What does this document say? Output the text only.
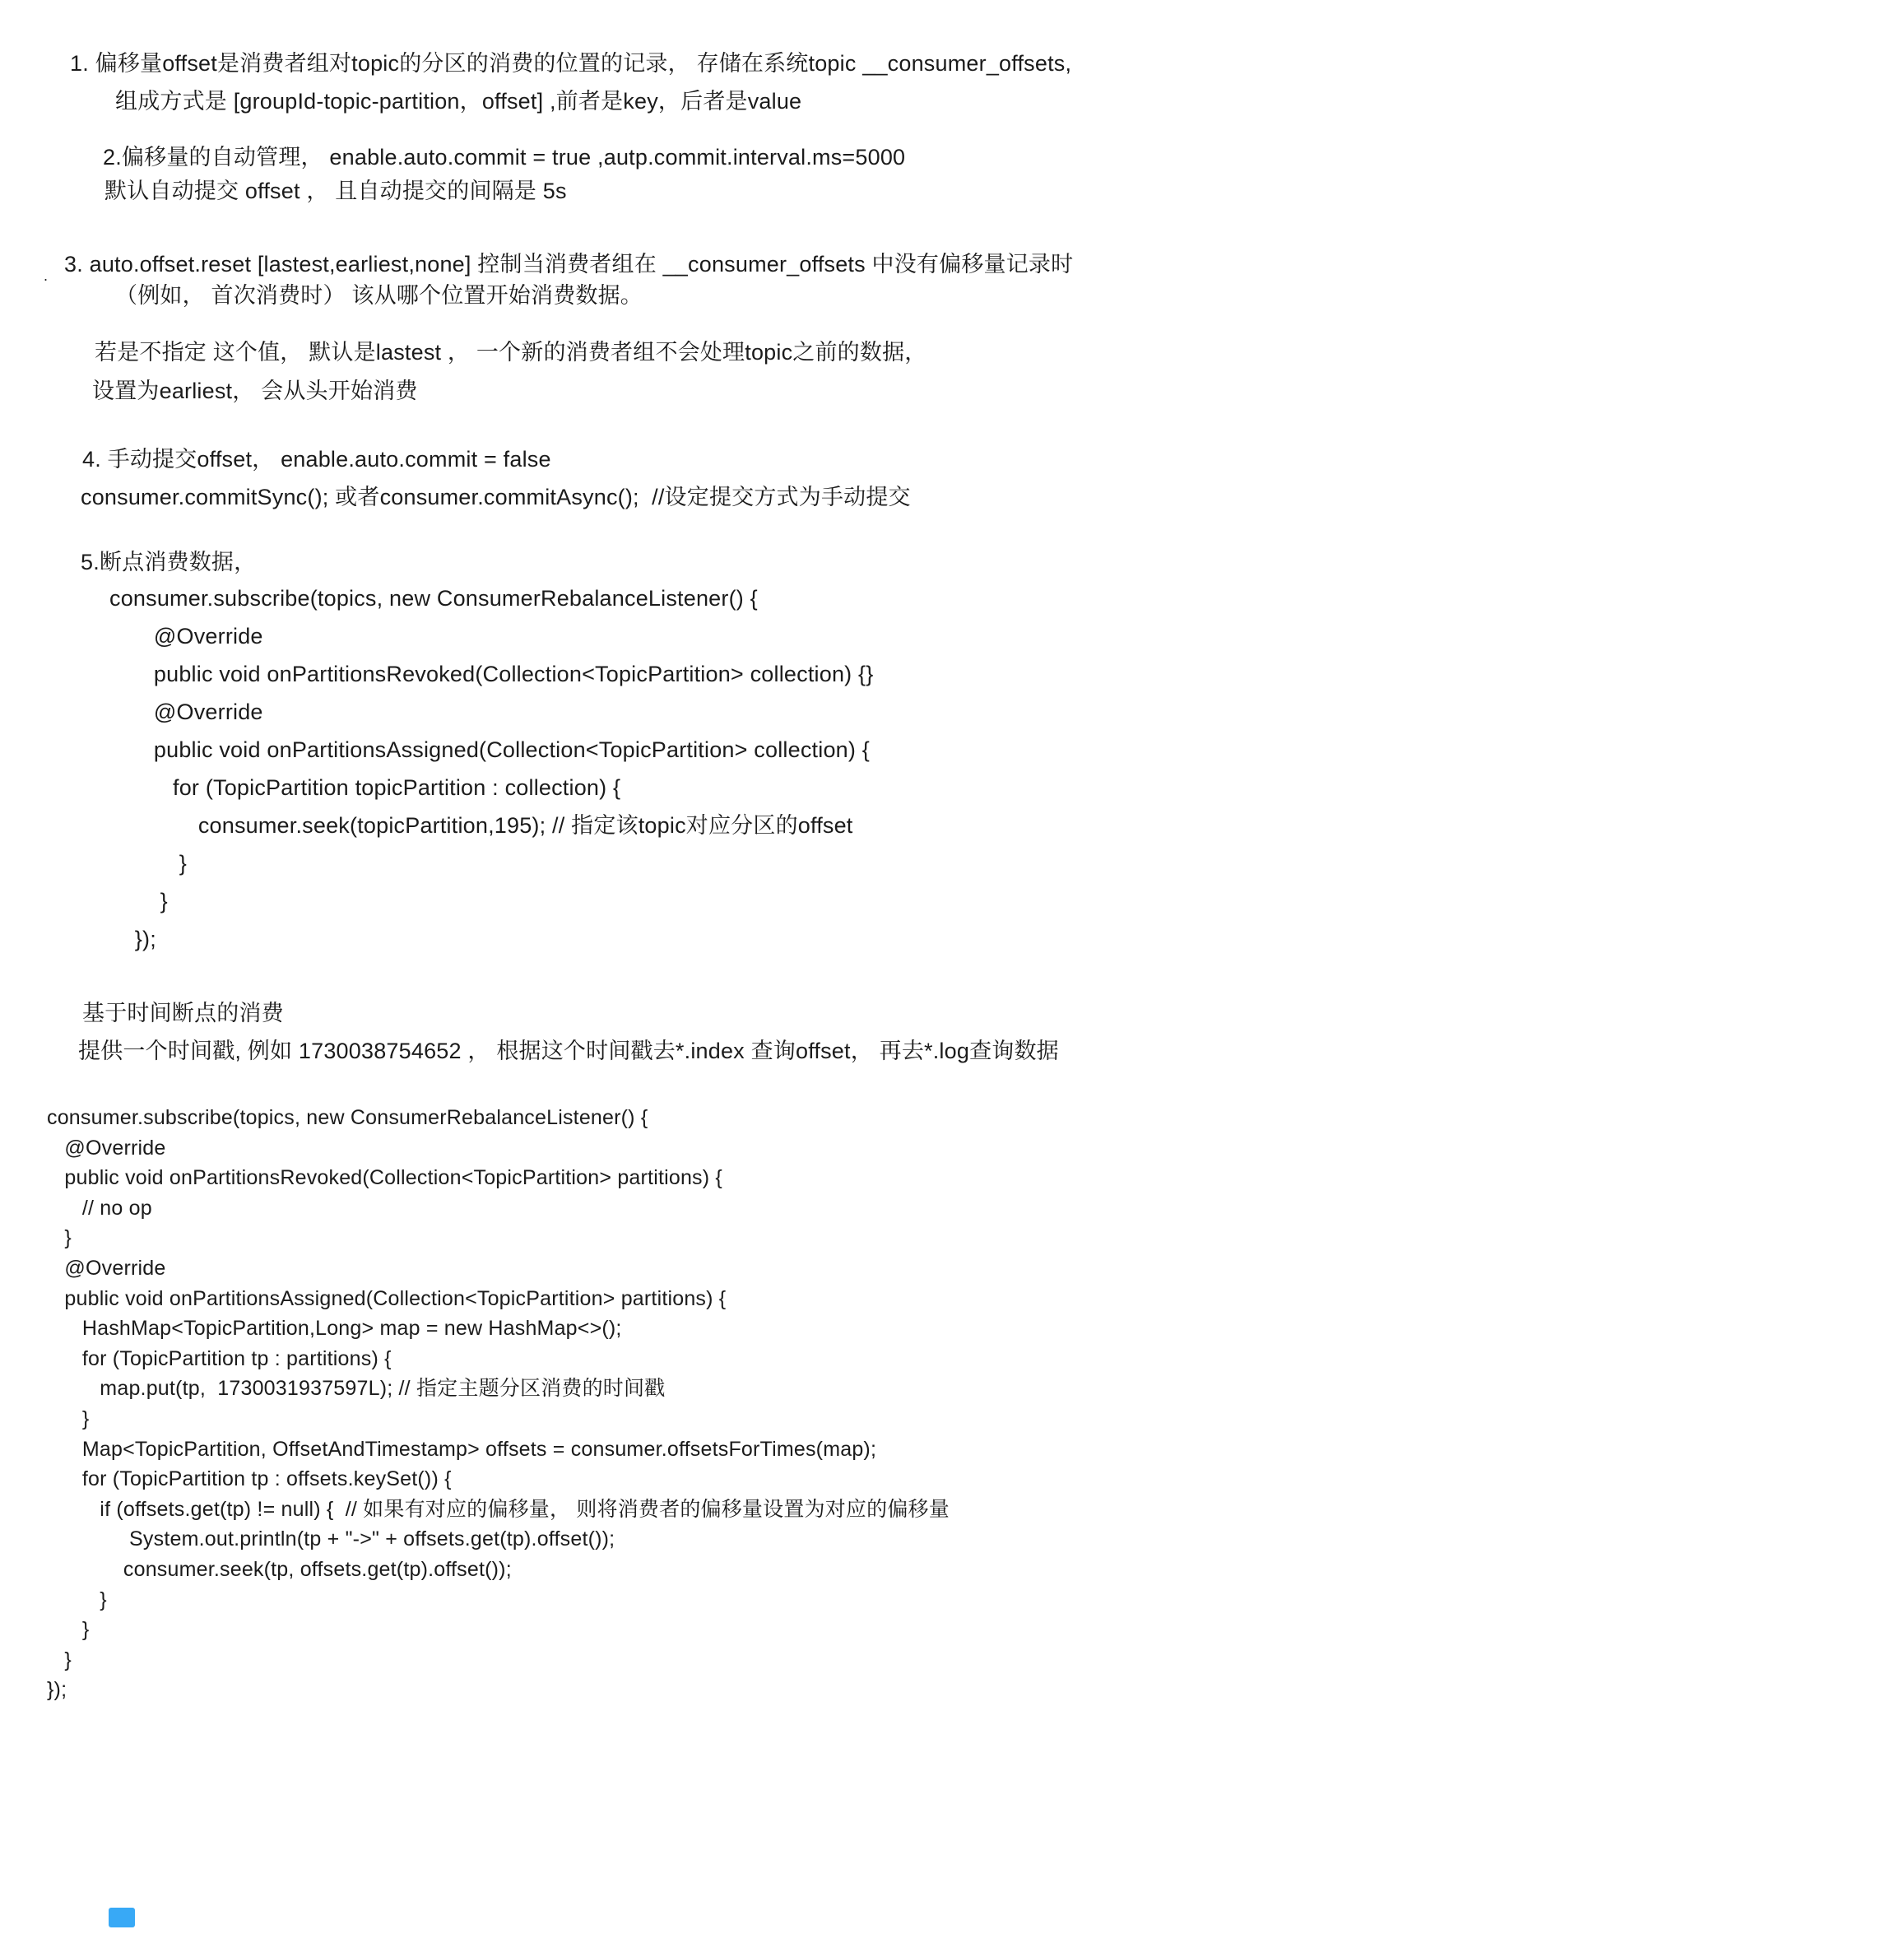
1. 偏移量offset是消费者组对topic的分区的消费的位置的记录， 存储在系统topic __consumer_offsets,
组成方式是 [groupId-topic-partition，offset] ,前者是key，后者是value
2.偏移量的自动管理， enable.auto.commit = true ,autp.commit.interval.ms=5000
默认自动提交 offset ， 且自动提交的间隔是 5s
. 3. auto.offset.reset [lastest,earliest,none] 控制当消费者组在 __consumer_offsets 中没有偏移量记录时
（例如， 首次消费时） 该从哪个位置开始消费数据。
若是不指定 这个值， 默认是lastest ， 一个新的消费者组不会处理topic之前的数据，
设置为earliest， 会从头开始消费
4. 手动提交offset， enable.auto.commit = false
consumer.commitSync(); 或者consumer.commitAsync();  //设定提交方式为手动提交
5.断点消费数据，
consumer.subscribe(topics, new ConsumerRebalanceListener() {
@Override
public void onPartitionsRevoked(Collection<TopicPartition> collection) {}
@Override
public void onPartitionsAssigned(Collection<TopicPartition> collection) {
for (TopicPartition topicPartition : collection) {
consumer.seek(topicPartition,195); // 指定该topic对应分区的offset
}
}
});
基于时间断点的消费
提供一个时间戳, 例如 1730038754652 ， 根据这个时间戳去*.index 查询offset， 再去*.log查询数据
consumer.subscribe(topics, new ConsumerRebalanceListener() {
@Override
public void onPartitionsRevoked(Collection<TopicPartition> partitions) {
// no op
}
@Override
public void onPartitionsAssigned(Collection<TopicPartition> partitions) {
HashMap<TopicPartition,Long> map = new HashMap<>();
for (TopicPartition tp : partitions) {
map.put(tp,  1730031937597L); // 指定主题分区消费的时间戳
}
Map<TopicPartition, OffsetAndTimestamp> offsets = consumer.offsetsForTimes(map);
for (TopicPartition tp : offsets.keySet()) {
if (offsets.get(tp) != null) {  // 如果有对应的偏移量， 则将消费者的偏移量设置为对应的偏移量
System.out.println(tp + "->" + offsets.get(tp).offset());
consumer.seek(tp, offsets.get(tp).offset());
}
}
}
});
